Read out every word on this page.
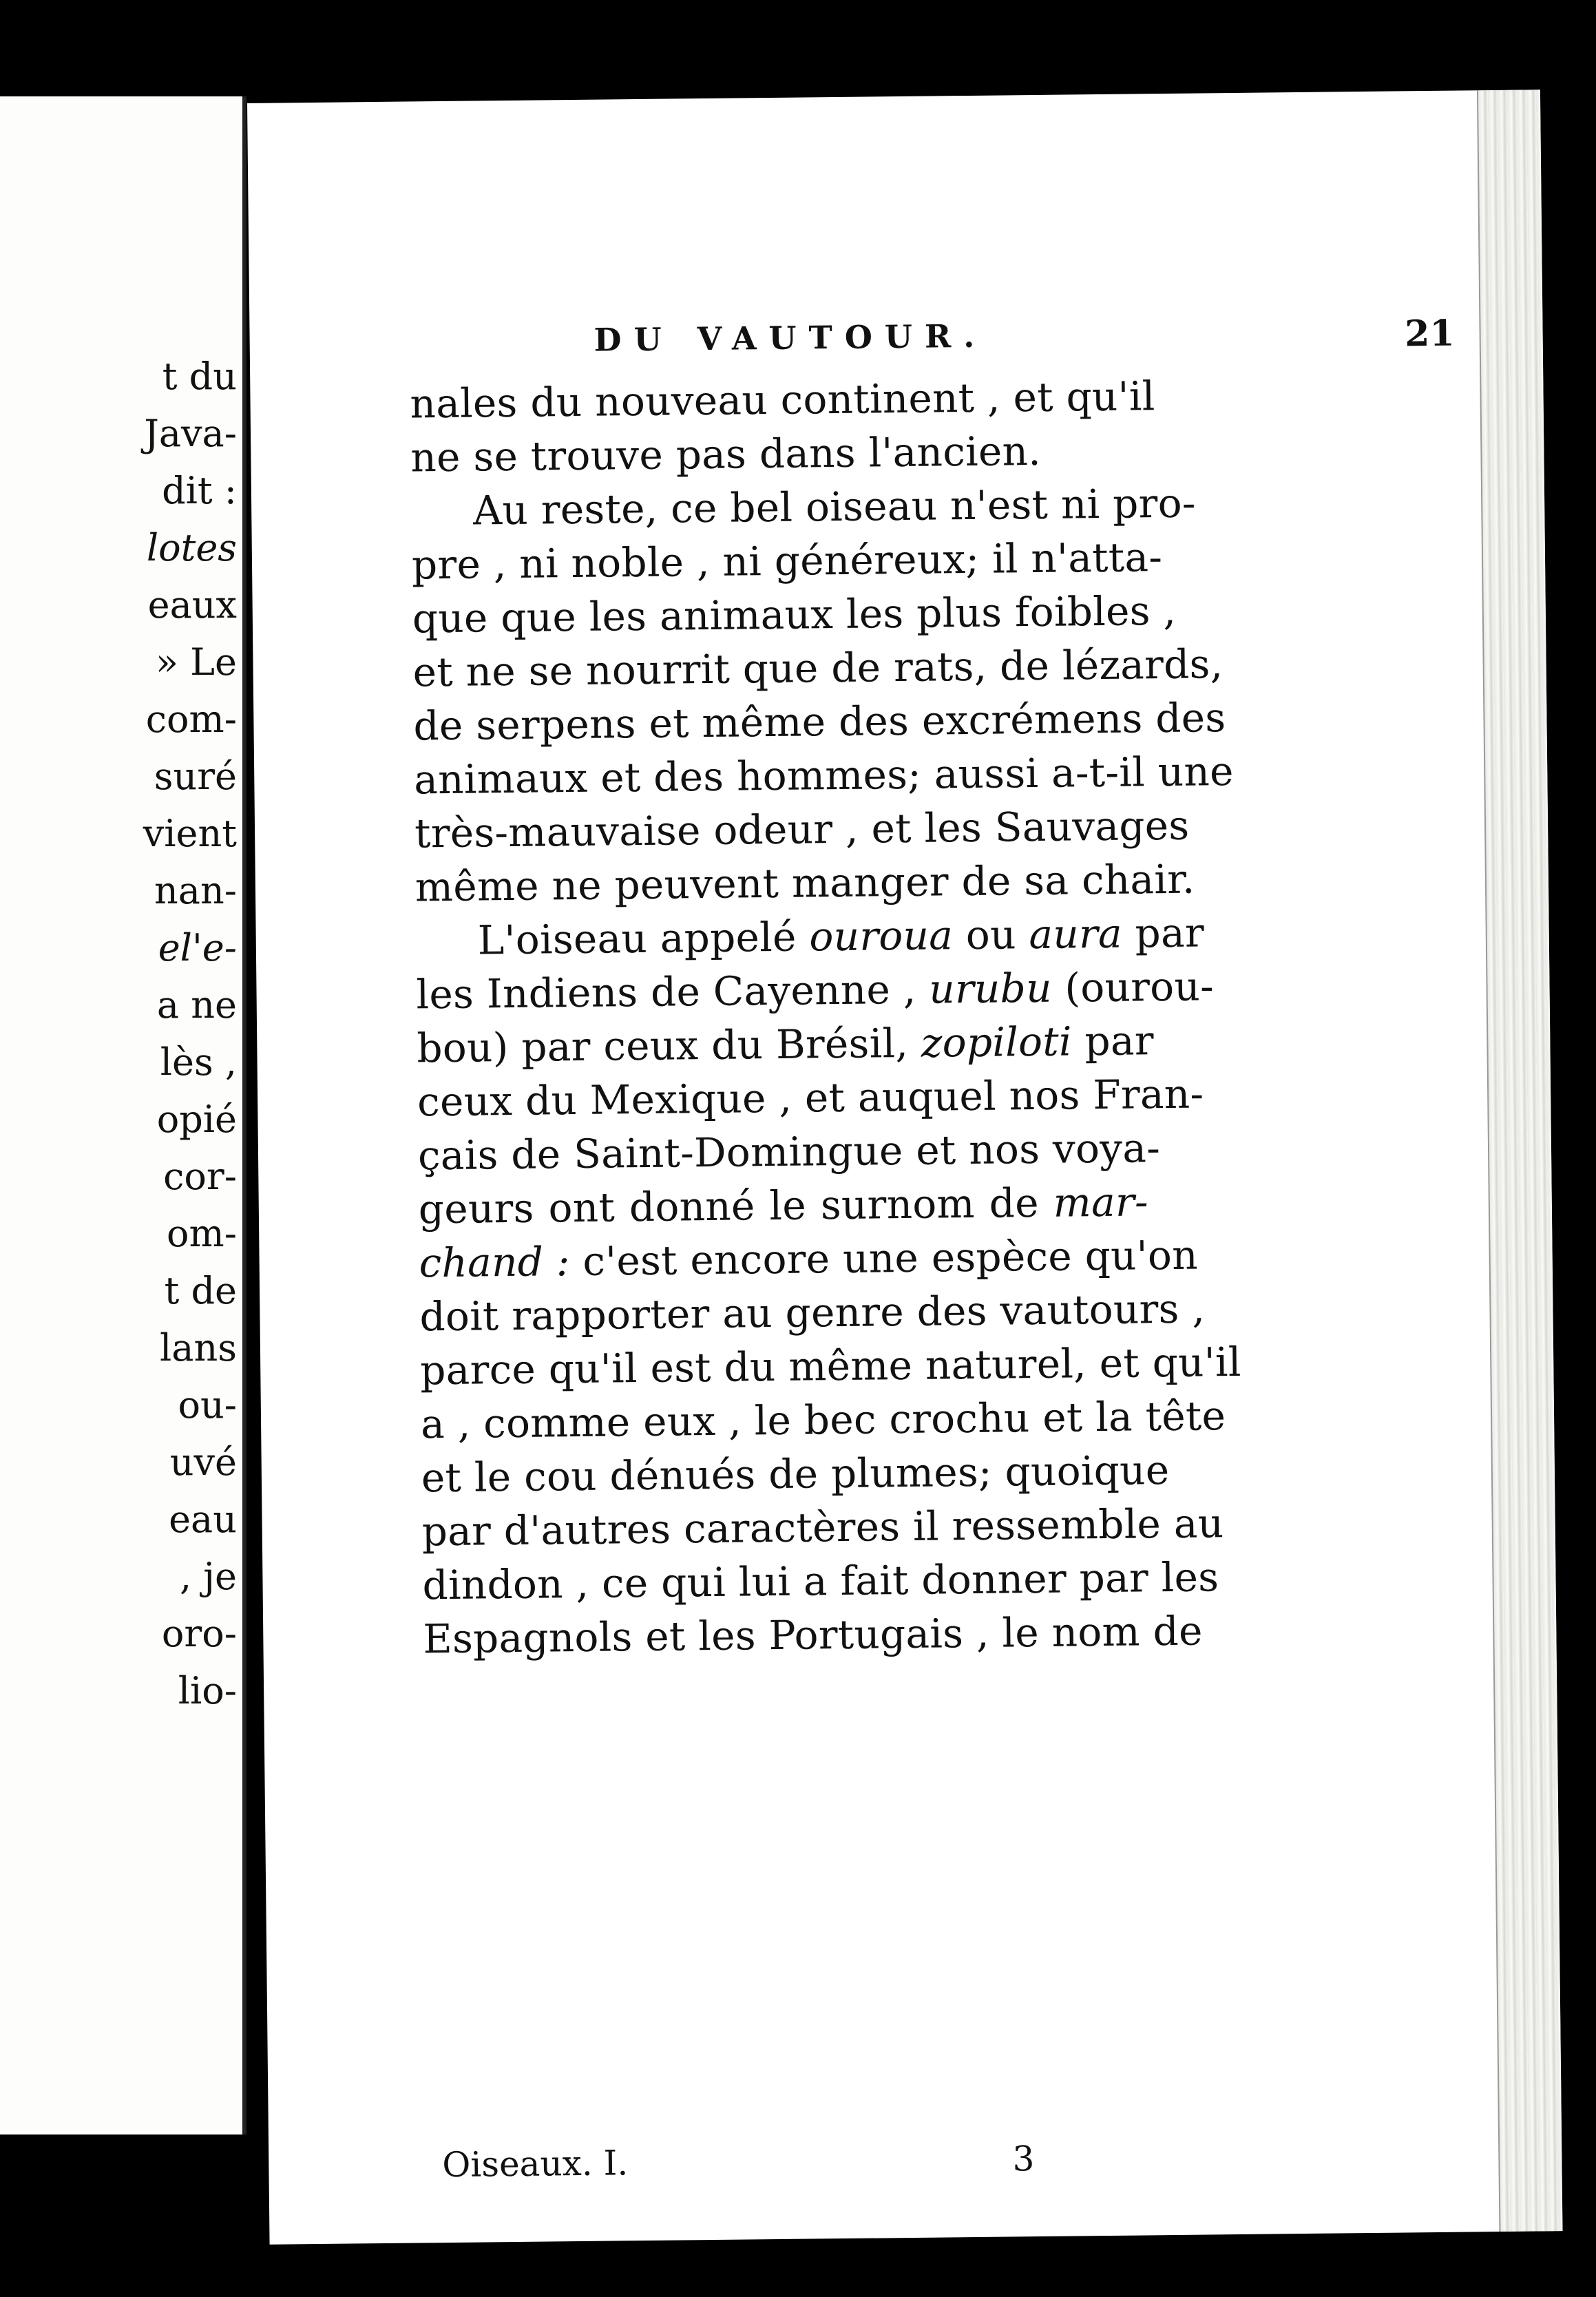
t du
Java-
dit :
lotes
eaux
» Le
com-
suré
vient
nan-
el'e-
a ne
lès ,
opié
cor-
om-
t de
lans
ou-
uvé
eau
, je
oro-
lio-
DU VAUTOUR.	21
nales du nouveau continent , et qu'il
ne se trouve pas dans l'ancien.
Au reste, ce bel oiseau n'est ni pro-
pre , ni noble , ni généreux; il n'atta-
que que les animaux les plus foibles ,
et ne se nourrit que de rats, de lézards,
de serpens et même des excrémens des
animaux et des hommes; aussi a-t-il une
très-mauvaise odeur , et les Sauvages
même ne peuvent manger de sa chair.
L'oiseau appelé ouroua ou aura par
les Indiens de Cayenne , urubu (ourou-
bou) par ceux du Brésil, zopiloti par
ceux du Mexique , et auquel nos Fran-
çais de Saint-Domingue et nos voya-
geurs ont donné le surnom de mar-
chand : c'est encore une espèce qu'on
doit rapporter au genre des vautours ,
parce qu'il est du même naturel, et qu'il
a , comme eux , le bec crochu et la tête
et le cou dénués de plumes; quoique
par d'autres caractères il ressemble au
dindon , ce qui lui a fait donner par les
Espagnols et les Portugais , le nom de
Oiseaux. I.	3
